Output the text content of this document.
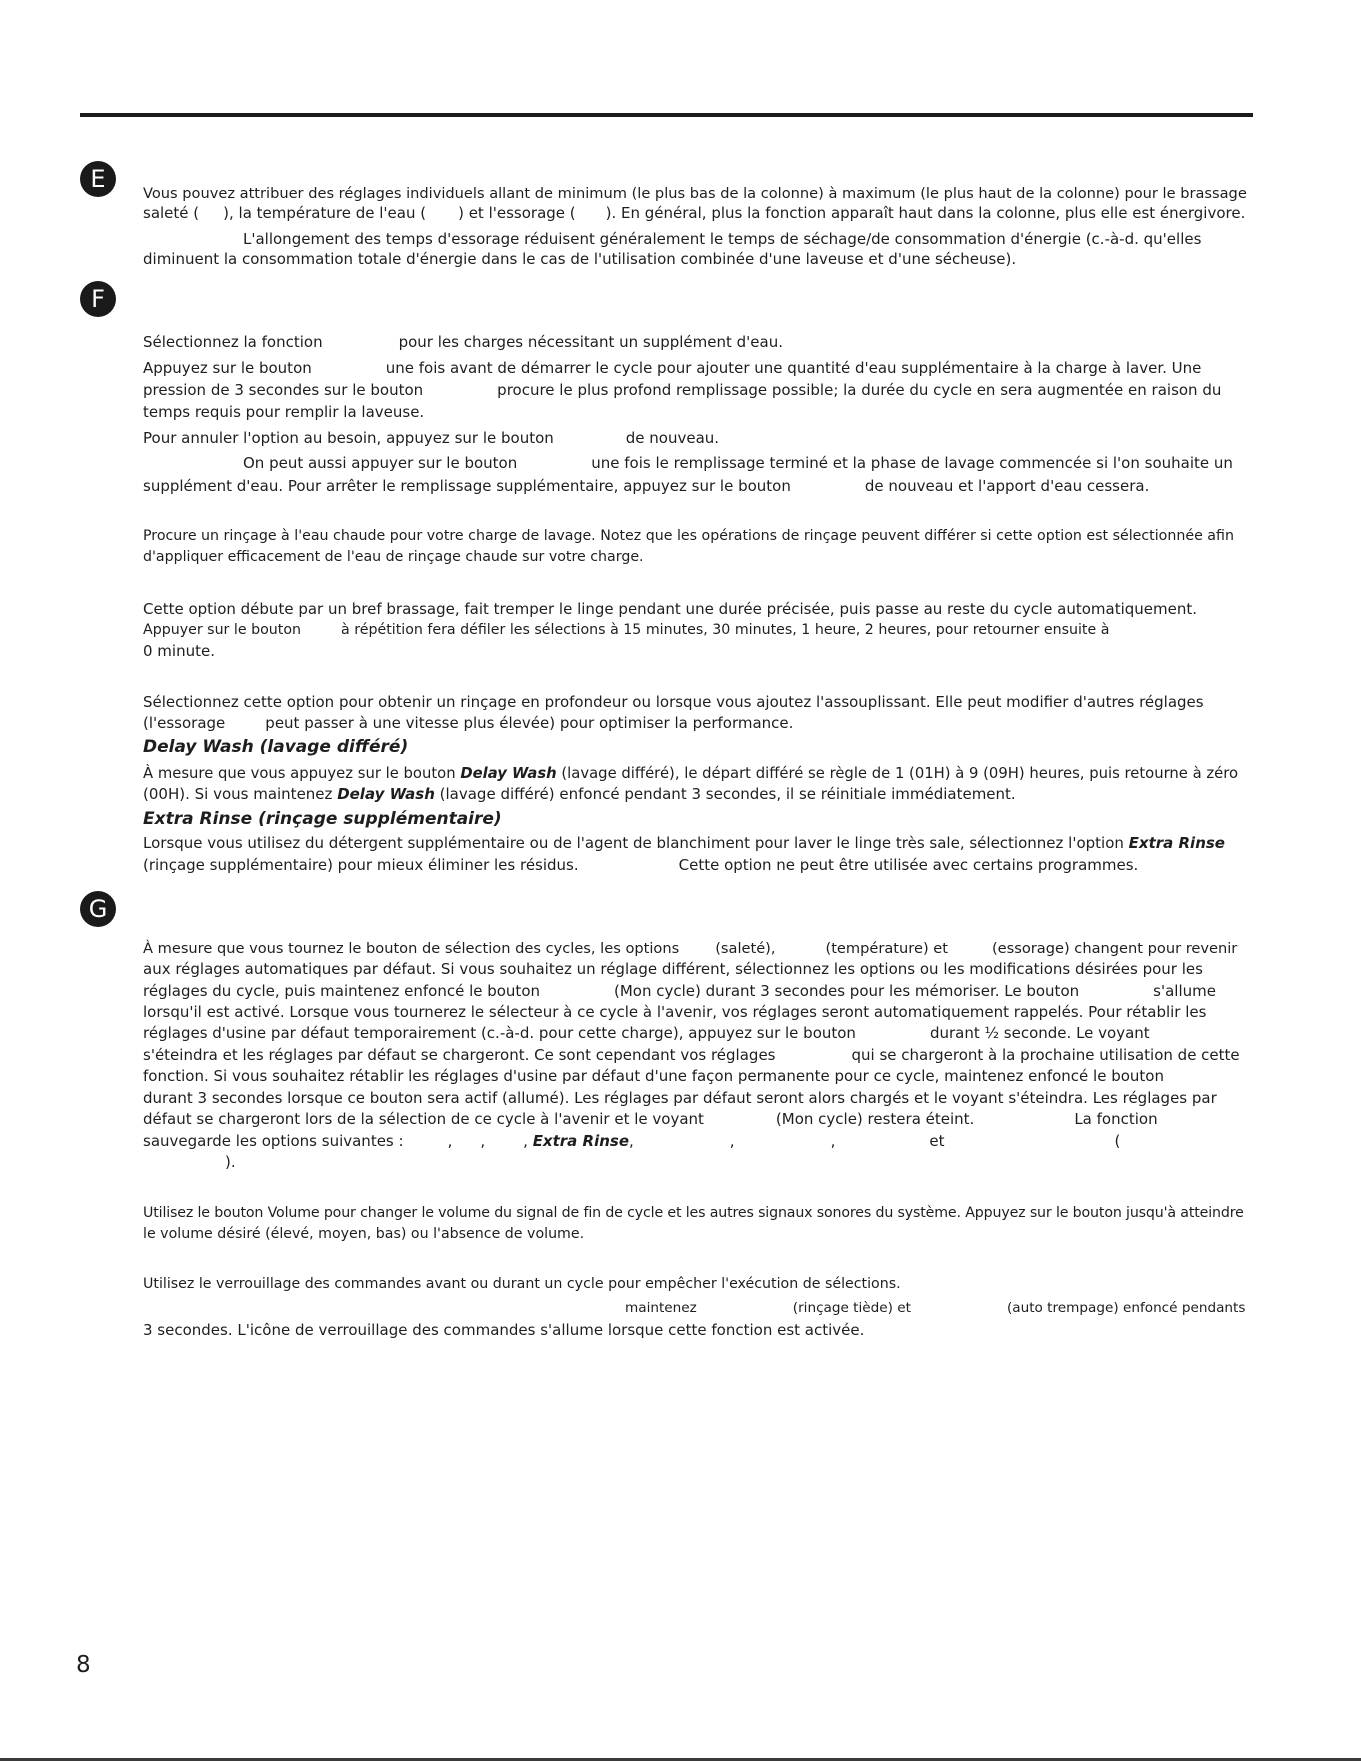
E

Vous pouvez attribuer des réglages individuels allant de minimum (le plus bas de la colonne) à maximum (le plus haut de la colonne) pour le brassage

saleté ( ), la température de l'eau ( ) et l'essorage ( ). En général, plus la fonction apparaît haut dans la colonne, plus elle est énergivore.

L'allongement des temps d'essorage réduisent généralement le temps de séchage/de consommation d'énergie (c.-à-d. qu'elles

diminuent la consommation totale d'énergie dans le cas de l'utilisation combinée d'une laveuse et d'une sécheuse).

F

Sélectionnez la fonction	pour les charges nécessitant un supplément d'eau.

Appuyez sur le bouton	une fois avant de démarrer le cycle pour ajouter une quantité d'eau supplémentaire à la charge à laver. Une

pression de 3 secondes sur le bouton	procure le plus profond remplissage possible; la durée du cycle en sera augmentée en raison du

temps requis pour remplir la laveuse.

Pour annuler l'option au besoin, appuyez sur le bouton	de nouveau.

On peut aussi appuyer sur le bouton	une fois le remplissage terminé et la phase de lavage commencée si l'on souhaite un

supplément d'eau. Pour arrêter le remplissage supplémentaire, appuyez sur le bouton	de nouveau et l'apport d'eau cessera.

Procure un rinçage à l'eau chaude pour votre charge de lavage. Notez que les opérations de rinçage peuvent différer si cette option est sélectionnée afin

d'appliquer efficacement de l'eau de rinçage chaude sur votre charge.

Cette option débute par un bref brassage, fait tremper le linge pendant une durée précisée, puis passe au reste du cycle automatiquement.

Appuyer sur le bouton	à répétition fera défiler les sélections à 15 minutes, 30 minutes, 1 heure, 2 heures, pour retourner ensuite à

0 minute.

Sélectionnez cette option pour obtenir un rinçage en profondeur ou lorsque vous ajoutez l'assouplissant. Elle peut modifier d'autres réglages

(l'essorage	peut passer à une vitesse plus élevée) pour optimiser la performance.

Delay Wash (lavage différé)

À mesure que vous appuyez sur le bouton Delay Wash (lavage différé), le départ différé se règle de 1 (01H) à 9 (09H) heures, puis retourne à zéro

(00H). Si vous maintenez Delay Wash (lavage différé) enfoncé pendant 3 secondes, il se réinitiale immédiatement.

Extra Rinse (rinçage supplémentaire)

Lorsque vous utilisez du détergent supplémentaire ou de l'agent de blanchiment pour laver le linge très sale, sélectionnez l'option Extra Rinse

(rinçage supplémentaire) pour mieux éliminer les résidus.	Cette option ne peut être utilisée avec certains programmes.

G

À mesure que vous tournez le bouton de sélection des cycles, les options (saleté),	(température) et	(essorage) changent pour revenir

aux réglages automatiques par défaut. Si vous souhaitez un réglage différent, sélectionnez les options ou les modifications désirées pour les

réglages du cycle, puis maintenez enfoncé le bouton	(Mon cycle) durant 3 secondes pour les mémoriser. Le bouton	s'allume

lorsqu'il est activé. Lorsque vous tournerez le sélecteur à ce cycle à l'avenir, vos réglages seront automatiquement rappelés. Pour rétablir les

réglages d'usine par défaut temporairement (c.-à-d. pour cette charge), appuyez sur le bouton	durant ½ seconde. Le voyant

s'éteindra et les réglages par défaut se chargeront. Ce sont cependant vos réglages	qui se chargeront à la prochaine utilisation de cette

fonction. Si vous souhaitez rétablir les réglages d'usine par défaut d'une façon permanente pour ce cycle, maintenez enfoncé le bouton

durant 3 secondes lorsque ce bouton sera actif (allumé). Les réglages par défaut seront alors chargés et le voyant s'éteindra. Les réglages par

défaut se chargeront lors de la sélection de ce cycle à l'avenir et le voyant	(Mon cycle) restera éteint.	La fonction

sauvegarde les options suivantes :	, ,	, Extra Rinse,	,	,	et	(

).

Utilisez le bouton Volume pour changer le volume du signal de fin de cycle et les autres signaux sonores du système. Appuyez sur le bouton jusqu'à atteindre

le volume désiré (élevé, moyen, bas) ou l'absence de volume.

Utilisez le verrouillage des commandes avant ou durant un cycle pour empêcher l'exécution de sélections.

maintenez	(rinçage tiède) et	(auto trempage) enfoncé pendants

3 secondes. L'icône de verrouillage des commandes s'allume lorsque cette fonction est activée.

8
